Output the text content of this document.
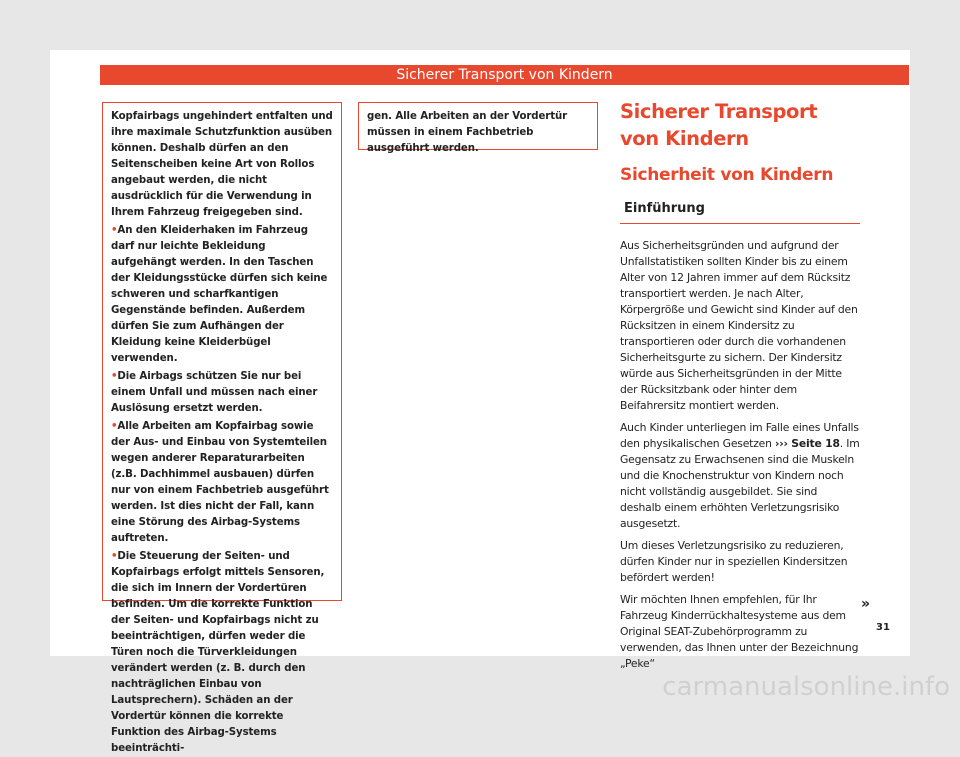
Sicherer Transport von Kindern

Kopfairbags ungehindert entfalten und ihre maximale Schutzfunktion ausüben können. Deshalb dürfen an den Seitenscheiben keine Art von Rollos angebaut werden, die nicht ausdrücklich für die Verwendung in Ihrem Fahrzeug freigegeben sind.

• An den Kleiderhaken im Fahrzeug darf nur leichte Bekleidung aufgehängt werden. In den Taschen der Kleidungsstücke dürfen sich keine schweren und scharfkantigen Gegenstände befinden. Außerdem dürfen Sie zum Aufhängen der Kleidung keine Kleiderbügel verwenden.

• Die Airbags schützen Sie nur bei einem Unfall und müssen nach einer Auslösung ersetzt werden.

• Alle Arbeiten am Kopfairbag sowie der Aus- und Einbau von Systemteilen wegen anderer Reparaturarbeiten (z.B. Dachhimmel ausbauen) dürfen nur von einem Fachbetrieb ausgeführt werden. Ist dies nicht der Fall, kann eine Störung des Airbag-Systems auftreten.

• Die Steuerung der Seiten- und Kopfairbags erfolgt mittels Sensoren, die sich im Innern der Vordertüren befinden. Um die korrekte Funktion der Seiten- und Kopfairbags nicht zu beeinträchtigen, dürfen weder die Türen noch die Türverkleidungen verändert werden (z. B. durch den nachträglichen Einbau von Lautsprechern). Schäden an der Vordertür können die korrekte Funktion des Airbag-Systems beeinträchti-

gen. Alle Arbeiten an der Vordertür müssen in einem Fachbetrieb ausgeführt werden.

Sicherer Transport von Kindern
Sicherheit von Kindern
Einführung

Aus Sicherheitsgründen und aufgrund der Unfallstatistiken sollten Kinder bis zu einem Alter von 12 Jahren immer auf dem Rücksitz transportiert werden. Je nach Alter, Körpergröße und Gewicht sind Kinder auf den Rücksitzen in einem Kindersitz zu transportieren oder durch die vorhandenen Sicherheitsgurte zu sichern. Der Kindersitz würde aus Sicherheitsgründen in der Mitte der Rücksitzbank oder hinter dem Beifahrersitz montiert werden.

Auch Kinder unterliegen im Falle eines Unfalls den physikalischen Gesetzen ››› Seite 18. Im Gegensatz zu Erwachsenen sind die Muskeln und die Knochenstruktur von Kindern noch nicht vollständig ausgebildet. Sie sind deshalb einem erhöhten Verletzungsrisiko ausgesetzt.

Um dieses Verletzungsrisiko zu reduzieren, dürfen Kinder nur in speziellen Kindersitzen befördert werden!

Wir möchten Ihnen empfehlen, für Ihr Fahrzeug Kinderrückhaltesysteme aus dem Original SEAT-Zubehörprogramm zu verwenden, das Ihnen unter der Bezeichnung „Peke“

»
31
carmanualsonline.info
